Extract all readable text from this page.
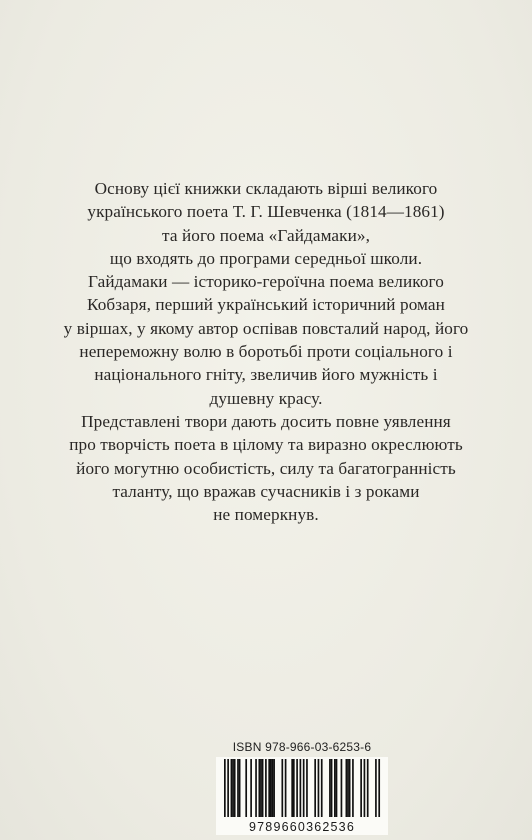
Основу цієї книжки складають вірші великого
українського поета Т. Г. Шевченка (1814—1861)
та його поема «Гайдамаки»,
що входять до програми середньої школи.
Гайдамаки — історико-героїчна поема великого
Кобзаря, перший український історичний роман
у віршах, у якому автор оспівав повсталий народ, його
непереможну волю в боротьбі проти соціального і
національного гніту, звеличив його мужність і
душевну красу.
Представлені твори дають досить повне уявлення
про творчість поета в цілому та виразно окреслюють
його могутню особистість, силу та багатогранність
таланту, що вражав сучасників і з роками
не померкнув.
ISBN 978-966-03-6253-6
9789660362536
